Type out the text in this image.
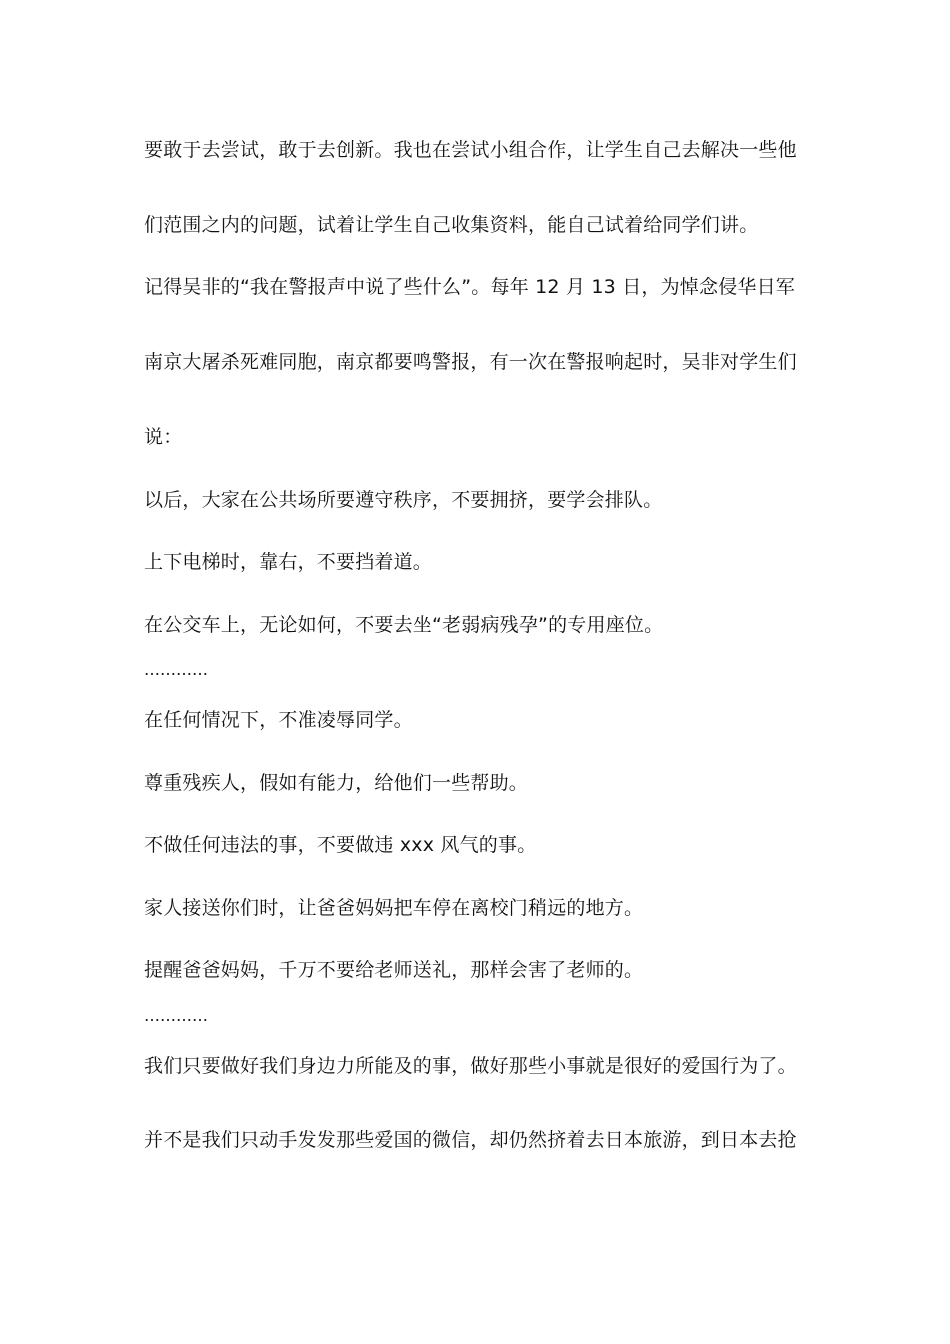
要敢于去尝试，敢于去创新。我也在尝试小组合作，让学生自己去解决一些他
们范围之内的问题，试着让学生自己收集资料，能自己试着给同学们讲。
记得吴非的“我在警报声中说了些什么”。每年 12 月 13 日，为悼念侵华日军
南京大屠杀死难同胞，南京都要鸣警报，有一次在警报响起时，吴非对学生们
说：
以后，大家在公共场所要遵守秩序，不要拥挤，要学会排队。
上下电梯时，靠右，不要挡着道。
在公交车上，无论如何，不要去坐“老弱病残孕”的专用座位。
…………
在任何情况下，不准凌辱同学。
尊重残疾人，假如有能力，给他们一些帮助。
不做任何违法的事，不要做违 xxx 风气的事。
家人接送你们时，让爸爸妈妈把车停在离校门稍远的地方。
提醒爸爸妈妈，千万不要给老师送礼，那样会害了老师的。
…………
我们只要做好我们身边力所能及的事，做好那些小事就是很好的爱国行为了。
并不是我们只动手发发那些爱国的微信，却仍然挤着去日本旅游，到日本去抢
